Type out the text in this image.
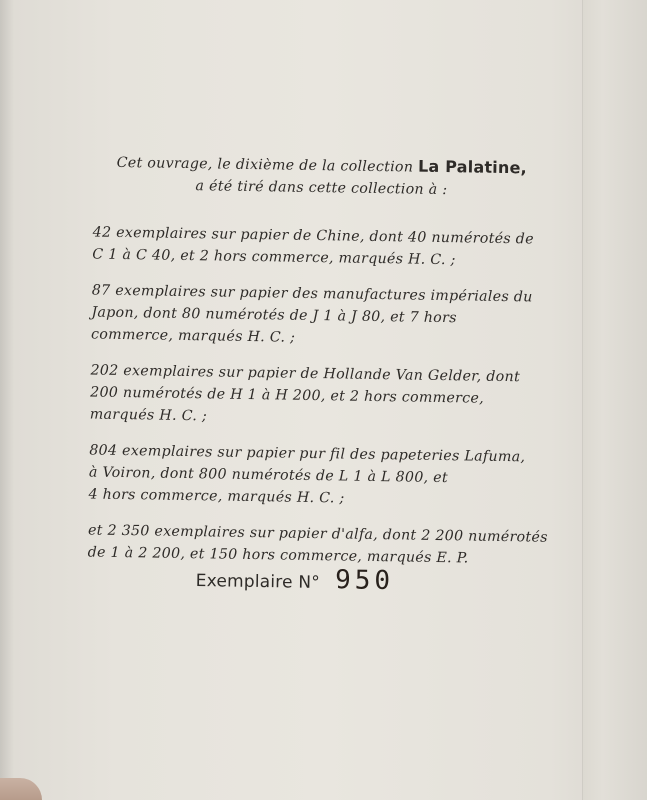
Cet ouvrage, le dixième de la collection La Palatine,
a été tiré dans cette collection à :
42 exemplaires sur papier de Chine, dont 40 numérotés de
C 1 à C 40, et 2 hors commerce, marqués H. C. ;
87 exemplaires sur papier des manufactures impériales du
Japon, dont 80 numérotés de J 1 à J 80, et 7 hors
commerce, marqués H. C. ;
202 exemplaires sur papier de Hollande Van Gelder, dont
200 numérotés de H 1 à H 200, et 2 hors commerce,
marqués H. C. ;
804 exemplaires sur papier pur fil des papeteries Lafuma,
à Voiron, dont 800 numérotés de L 1 à L 800, et
4 hors commerce, marqués H. C. ;
et 2 350 exemplaires sur papier d'alfa, dont 2 200 numérotés
de 1 à 2 200, et 150 hors commerce, marqués E. P.
Exemplaire N° 950
